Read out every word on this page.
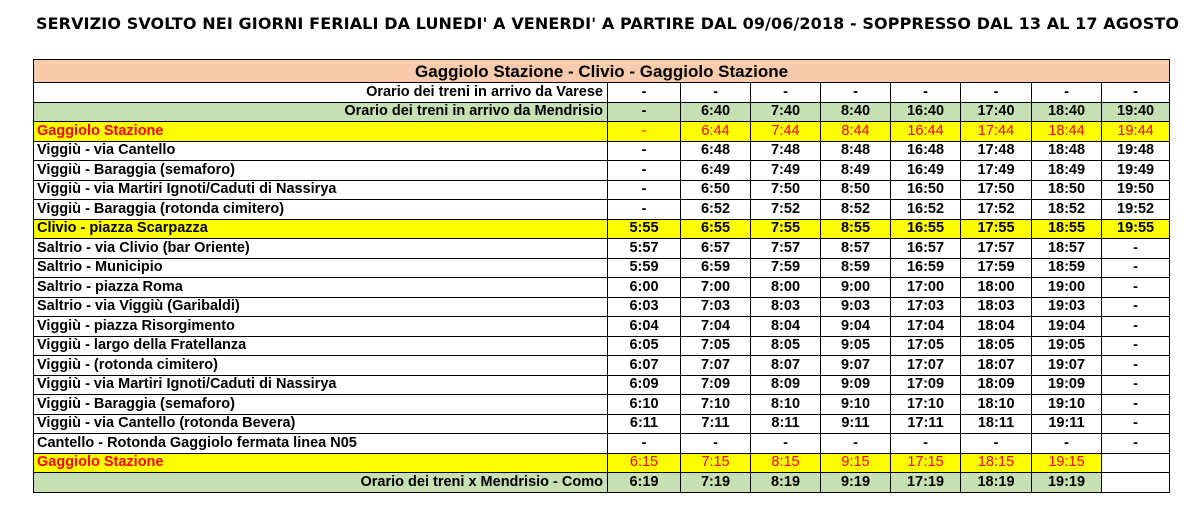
SERVIZIO SVOLTO NEI GIORNI FERIALI DA LUNEDI' A VENERDI' A PARTIRE DAL 09/06/2018 - SOPPRESSO DAL 13 AL 17 AGOSTO
Gaggiolo Stazione - Clivio - Gaggiolo Stazione								
Orario dei treni in arrivo da Varese	-	-	-	-	-	-	-	-
Orario dei treni in arrivo da Mendrisio	-	6:40	7:40	8:40	16:40	17:40	18:40	19:40
Gaggiolo Stazione	-	6:44	7:44	8:44	16:44	17:44	18:44	19:44
Viggiù - via Cantello	-	6:48	7:48	8:48	16:48	17:48	18:48	19:48
Viggiù - Baraggia (semaforo)	-	6:49	7:49	8:49	16:49	17:49	18:49	19:49
Viggiù - via Martiri Ignoti/Caduti di Nassirya	-	6:50	7:50	8:50	16:50	17:50	18:50	19:50
Viggiù - Baraggia (rotonda cimitero)	-	6:52	7:52	8:52	16:52	17:52	18:52	19:52
Clivio - piazza Scarpazza	5:55	6:55	7:55	8:55	16:55	17:55	18:55	19:55
Saltrio - via Clivio (bar Oriente)	5:57	6:57	7:57	8:57	16:57	17:57	18:57	-
Saltrio - Municipio	5:59	6:59	7:59	8:59	16:59	17:59	18:59	-
Saltrio - piazza Roma	6:00	7:00	8:00	9:00	17:00	18:00	19:00	-
Saltrio - via Viggiù (Garibaldi)	6:03	7:03	8:03	9:03	17:03	18:03	19:03	-
Viggiù - piazza Risorgimento	6:04	7:04	8:04	9:04	17:04	18:04	19:04	-
Viggiù - largo della Fratellanza	6:05	7:05	8:05	9:05	17:05	18:05	19:05	-
Viggiù - (rotonda cimitero)	6:07	7:07	8:07	9:07	17:07	18:07	19:07	-
Viggiù - via Martiri Ignoti/Caduti di Nassirya	6:09	7:09	8:09	9:09	17:09	18:09	19:09	-
Viggiù - Baraggia (semaforo)	6:10	7:10	8:10	9:10	17:10	18:10	19:10	-
Viggiù - via Cantello (rotonda Bevera)	6:11	7:11	8:11	9:11	17:11	18:11	19:11	-
Cantello - Rotonda Gaggiolo fermata linea N05	-	-	-	-	-	-	-	-
Gaggiolo Stazione	6:15	7:15	8:15	9:15	17:15	18:15	19:15	
Orario dei treni x Mendrisio - Como	6:19	7:19	8:19	9:19	17:19	18:19	19:19	
